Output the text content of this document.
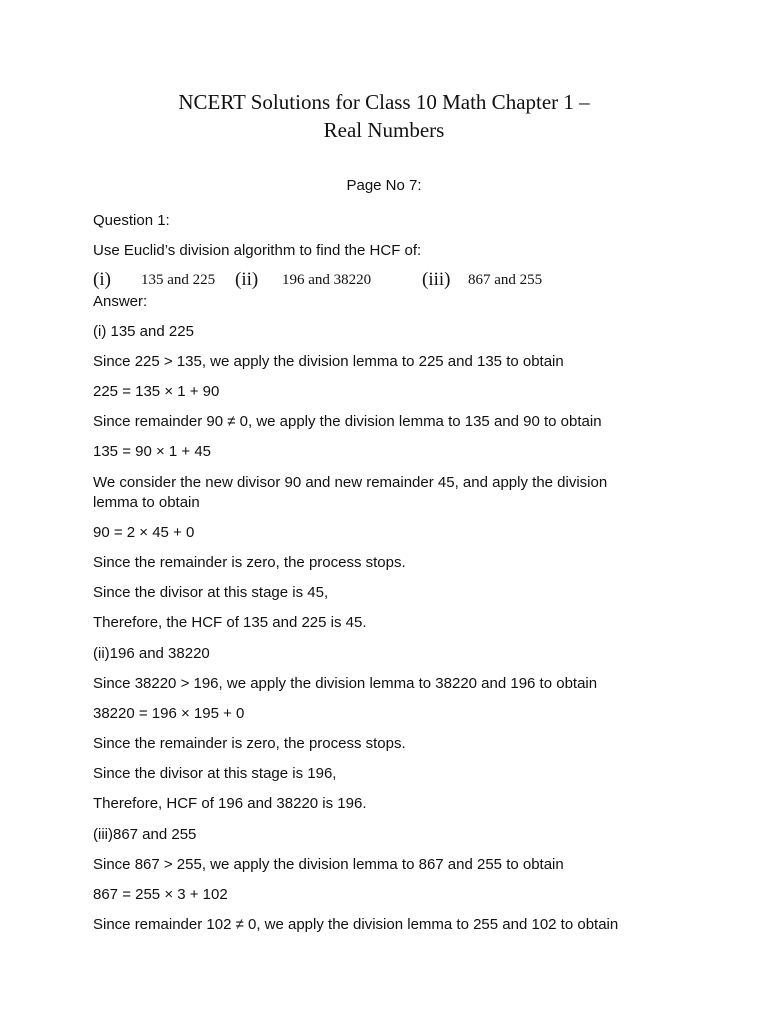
NCERT Solutions for Class 10 Math Chapter 1 –
Real Numbers
Page No 7:
Question 1:
Use Euclid’s division algorithm to find the HCF of:
(i) 135 and 225 (ii) 196 and 38220	(iii) 867 and 255
Answer:
(i) 135 and 225
Since 225 > 135, we apply the division lemma to 225 and 135 to obtain
225 = 135 × 1 + 90
Since remainder 90 ≠ 0, we apply the division lemma to 135 and 90 to obtain
135 = 90 × 1 + 45
We consider the new divisor 90 and new remainder 45, and apply the division lemma to obtain
90 = 2 × 45 + 0
Since the remainder is zero, the process stops.
Since the divisor at this stage is 45,
Therefore, the HCF of 135 and 225 is 45.
(ii)196 and 38220
Since 38220 > 196, we apply the division lemma to 38220 and 196 to obtain
38220 = 196 × 195 + 0
Since the remainder is zero, the process stops.
Since the divisor at this stage is 196,
Therefore, HCF of 196 and 38220 is 196.
(iii)867 and 255
Since 867 > 255, we apply the division lemma to 867 and 255 to obtain
867 = 255 × 3 + 102
Since remainder 102 ≠ 0, we apply the division lemma to 255 and 102 to obtain
